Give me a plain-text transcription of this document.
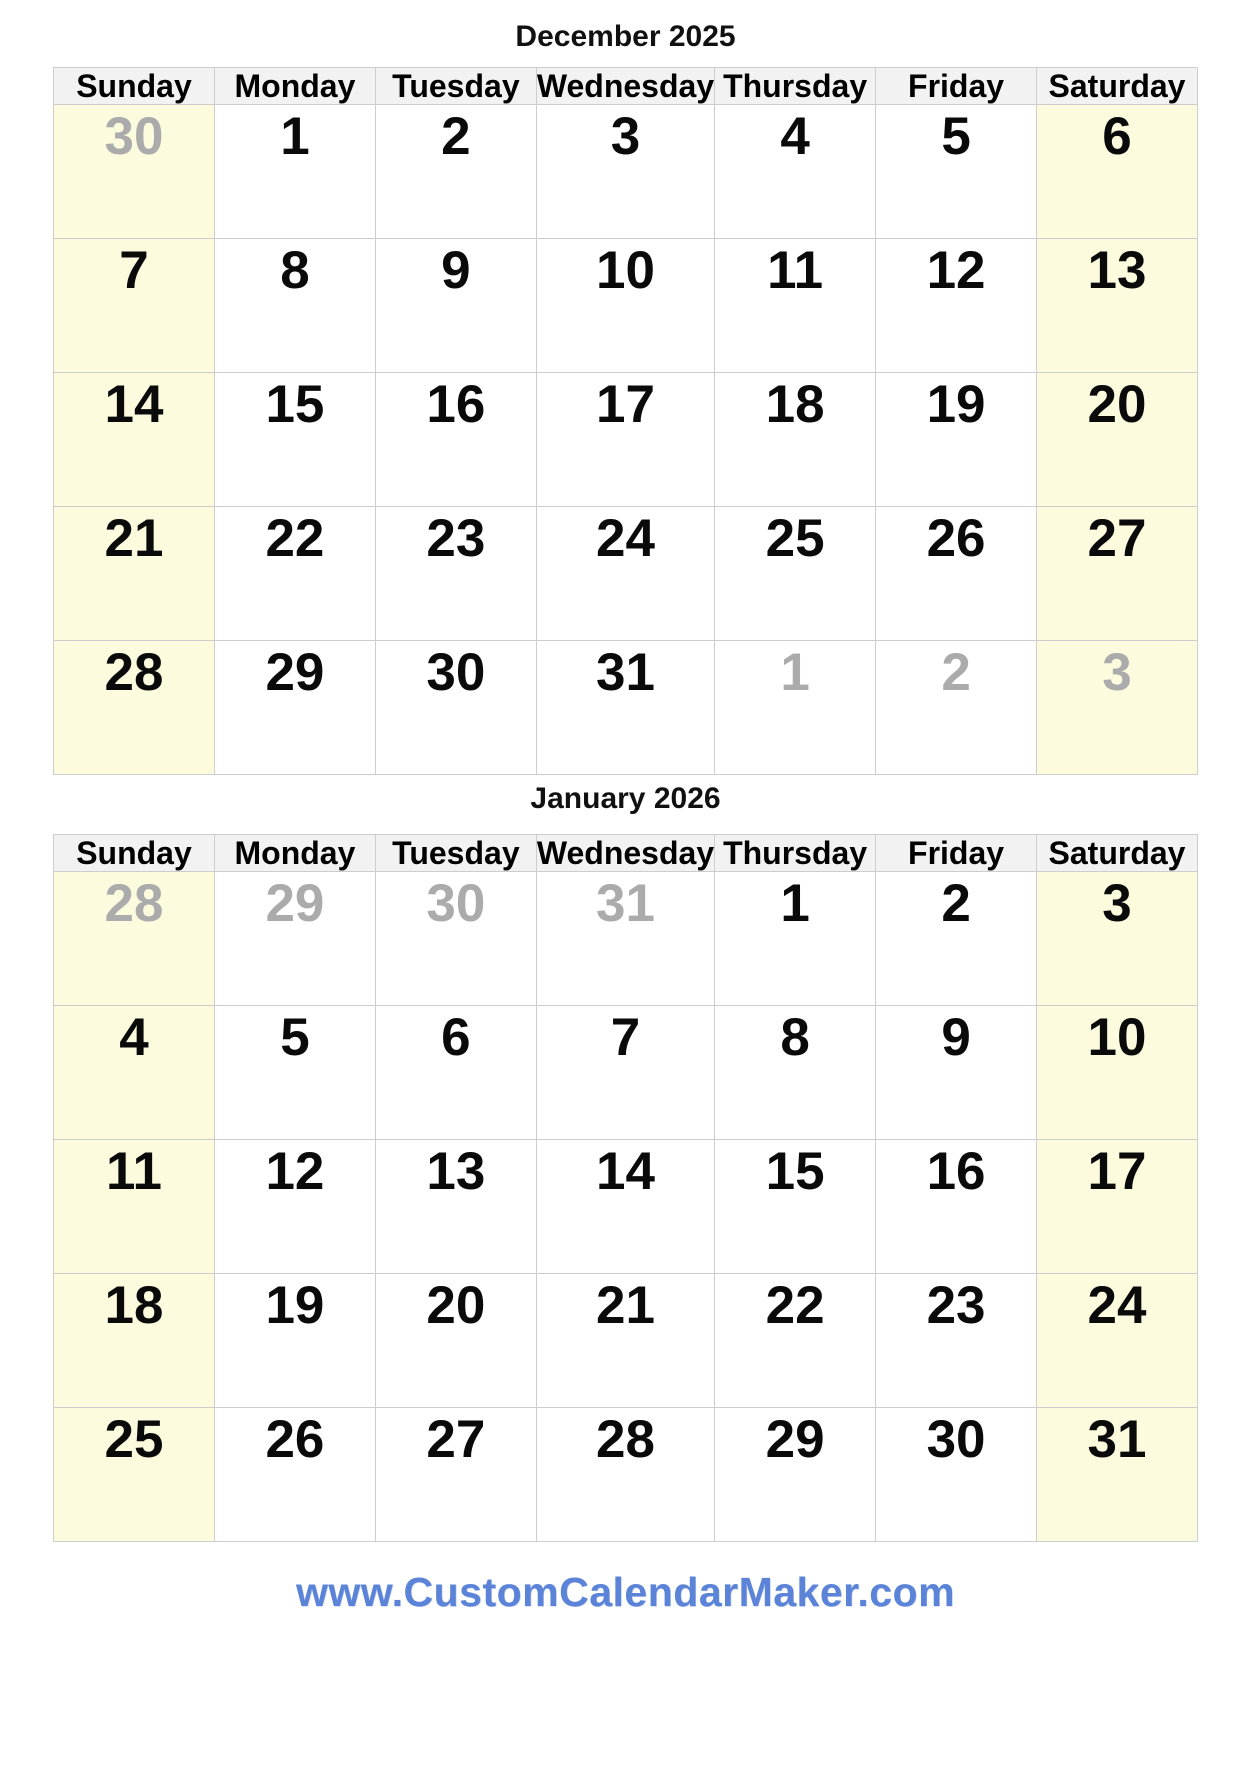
December 2025
Sunday	Monday	Tuesday Wednesday Thursday	Friday	Saturday
30	1	2	3	4	5	6
7	8	9	10	11	12	13
14	15	16	17	18	19	20
21	22	23	24	25	26	27
28	29	30	31	1	2	3
January 2026
Sunday	Monday	Tuesday Wednesday Thursday	Friday	Saturday
28	29	30	31	1	2	3
4	5	6	7	8	9	10
11	12	13	14	15	16	17
18	19	20	21	22	23	24
25	26	27	28	29	30	31
www.CustomCalendarMaker.com
